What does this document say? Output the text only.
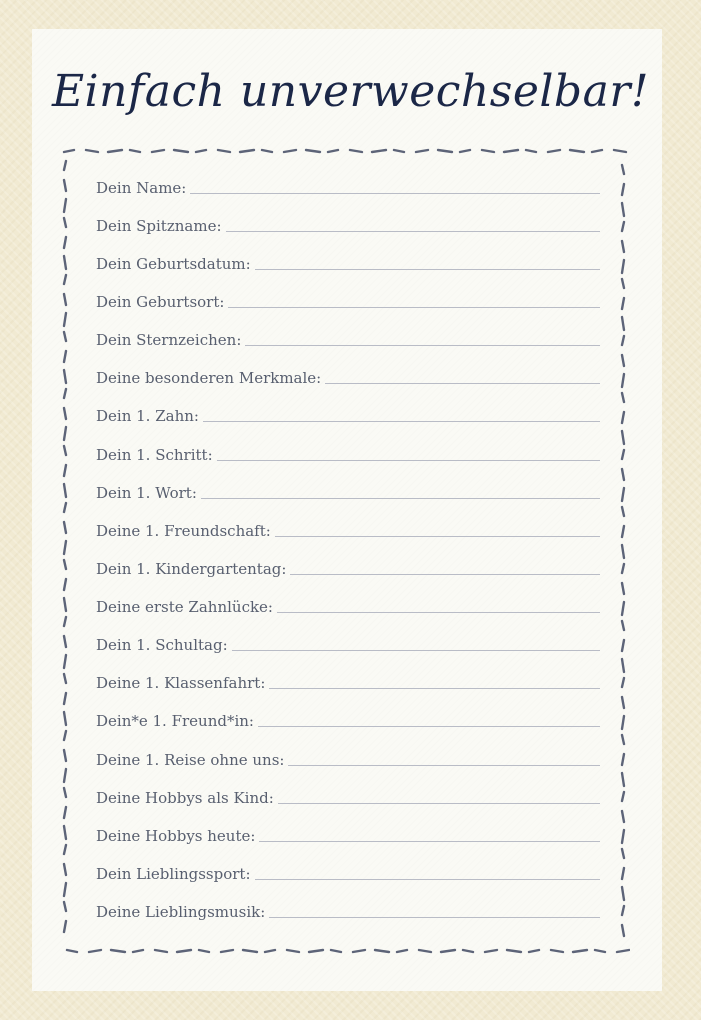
Einfach unverwechselbar!
Dein Name:
Dein Spitzname:
Dein Geburtsdatum:
Dein Geburtsort:
Dein Sternzeichen:
Deine besonderen Merkmale:
Dein 1. Zahn:
Dein 1. Schritt:
Dein 1. Wort:
Deine 1. Freundschaft:
Dein 1. Kindergartentag:
Deine erste Zahnlücke:
Dein 1. Schultag:
Deine 1. Klassenfahrt:
Dein*e 1. Freund*in:
Deine 1. Reise ohne uns:
Deine Hobbys als Kind:
Deine Hobbys heute:
Dein Lieblingssport:
Deine Lieblingsmusik:
